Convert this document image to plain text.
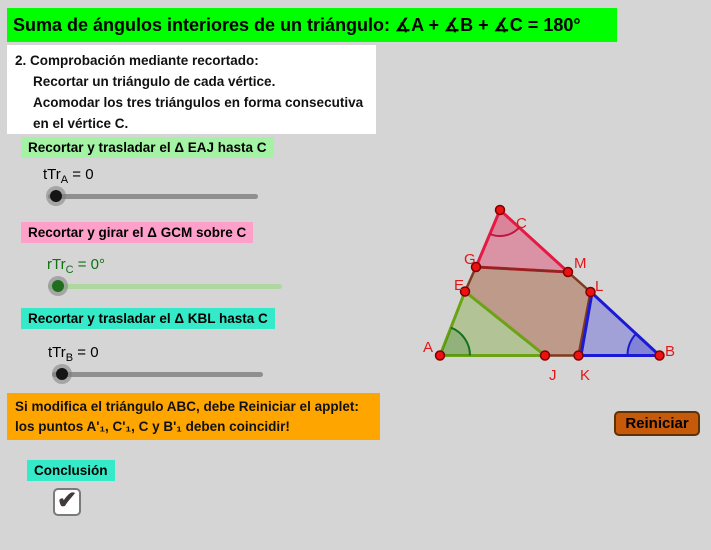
Suma de ángulos interiores de un triángulo: ∡A + ∡B + ∡C = 180°
2. Comprobación mediante recortado:
Recortar un triángulo de cada vértice.
Acomodar los tres triángulos en forma consecutiva
en el vértice C.
Recortar y trasladar el Δ EAJ hasta C
tTr$_A$ = 0
Recortar y girar el Δ GCM sobre C
rTr$_C$ = 0°
Recortar y trasladar el Δ KBL hasta C
tTr$_B$ = 0
Si modifica el triángulo ABC, debe Reiniciar el applet:
los puntos A'₁, C'₁, C y B'₁ deben coincidir!	Reiniciar
Conclusión
✔
A	B
C
E
G
J K
L
M
